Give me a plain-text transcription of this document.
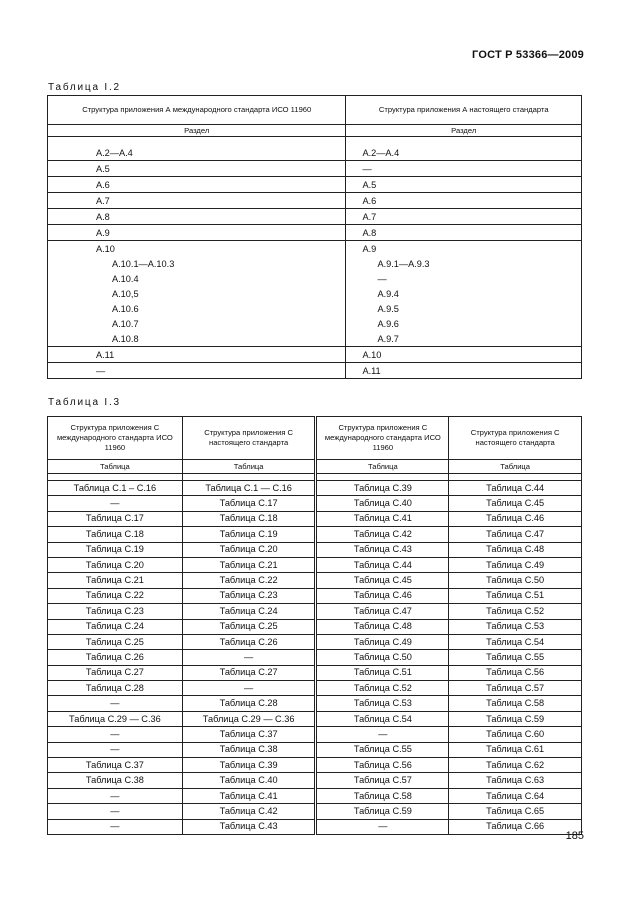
ГОСТ Р 53366—2009
Таблица I.2
Структура приложения А международного стандарта ИСО 11960	Структура приложения А настоящего стандарта
Раздел	Раздел

А.2—А.4	А.2—А.4
А.5	—
А.6	А.5
А.7	А.6
А.8	А.7
А.9	А.8
А.10	А.9
А.10.1—А.10.3	А.9.1—А.9.3
А.10.4	—
А.10,5	А.9.4
А.10.6	А.9.5
А.10.7	А.9.6
А.10.8	А.9.7
А.11	А.10
—	А.11
Таблица I.3
Структура приложения С международного стандарта ИСО 11960	Структура приложения С настоящего стандарта	Структура приложения С международного стандарта ИСО 11960	Структура приложения С настоящего стандарта
Таблица	Таблица	Таблица	Таблица

Таблица С.1 – С.16	Таблица С.1 — С.16	Таблица С.39	Таблица С.44
—	Таблица С.17	Таблица С.40	Таблица С.45
Таблица С.17	Таблица С.18	Таблица С.41	Таблица С.46
Таблица С.18	Таблица С.19	Таблица С.42	Таблица С.47
Таблица С.19	Таблица С.20	Таблица С.43	Таблица С.48
Таблица С.20	Таблица С.21	Таблица С.44	Таблица С.49
Таблица С.21	Таблица С.22	Таблица С.45	Таблица С.50
Таблица С.22	Таблица С.23	Таблица С.46	Таблица С.51
Таблица С.23	Таблица С.24	Таблица С.47	Таблица С.52
Таблица С.24	Таблица С.25	Таблица С.48	Таблица С.53
Таблица С.25	Таблица С.26	Таблица С.49	Таблица С.54
Таблица С.26	—	Таблица С.50	Таблица С.55
Таблица С.27	Таблица С.27	Таблица С.51	Таблица С.56
Таблица С.28	—	Таблица С.52	Таблица С.57
—	Таблица С.28	Таблица С.53	Таблица С.58
Таблица С.29 — С.36	Таблица С.29 — С.36	Таблица С.54	Таблица С.59
—	Таблица С.37	—	Таблица С.60
—	Таблица С.38	Таблица С.55	Таблица С.61
Таблица С.37	Таблица С.39	Таблица С.56	Таблица С.62
Таблица С.38	Таблица С.40	Таблица С.57	Таблица С.63
—	Таблица С.41	Таблица С.58	Таблица С.64
—	Таблица С.42	Таблица С.59	Таблица С.65
—	Таблица С.43	—	Таблица С.66
185
